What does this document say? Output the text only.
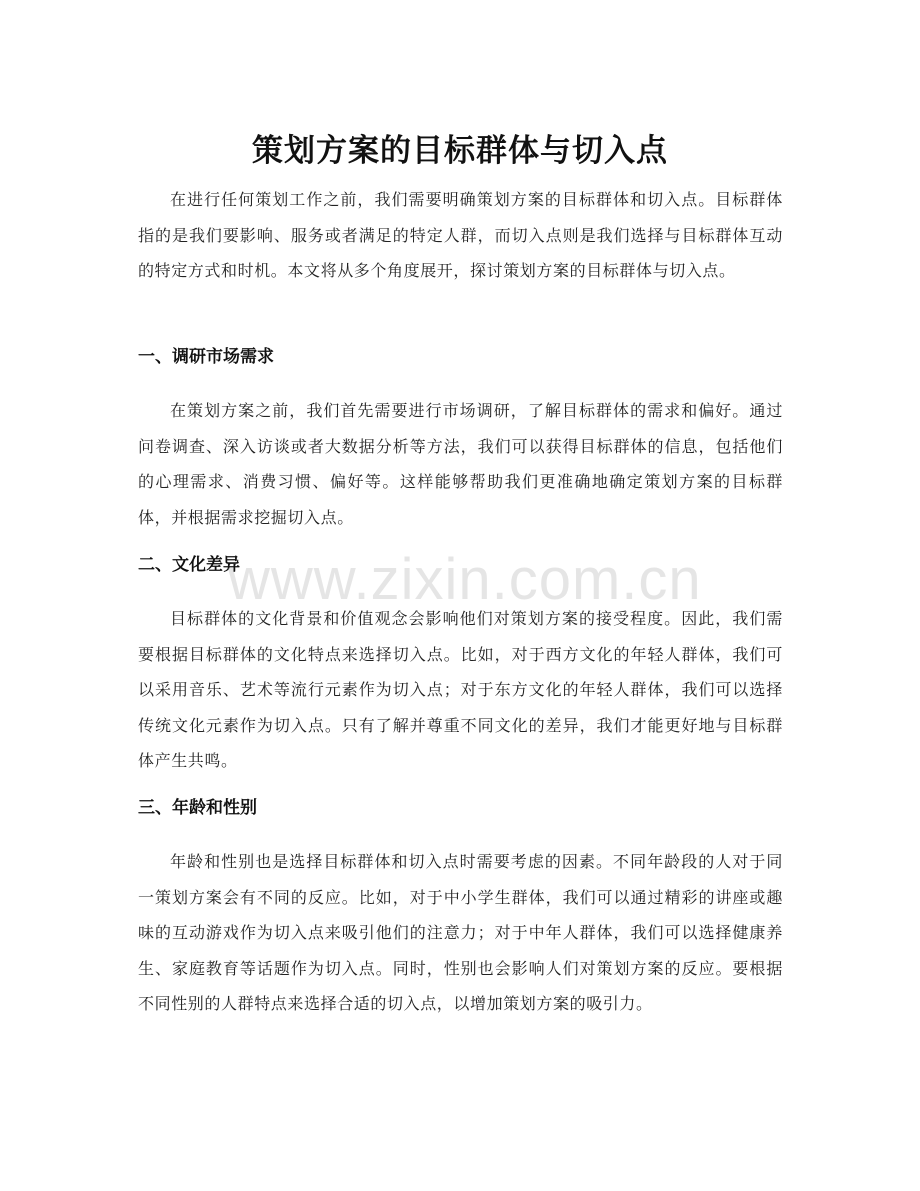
策划方案的目标群体与切入点

在进行任何策划工作之前，我们需要明确策划方案的目标群体和切入点。目标群体指的是我们要影响、服务或者满足的特定人群，而切入点则是我们选择与目标群体互动的特定方式和时机。本文将从多个角度展开，探讨策划方案的目标群体与切入点。

一、调研市场需求

在策划方案之前，我们首先需要进行市场调研，了解目标群体的需求和偏好。通过问卷调查、深入访谈或者大数据分析等方法，我们可以获得目标群体的信息，包括他们的心理需求、消费习惯、偏好等。这样能够帮助我们更准确地确定策划方案的目标群体，并根据需求挖掘切入点。

二、文化差异

目标群体的文化背景和价值观念会影响他们对策划方案的接受程度。因此，我们需要根据目标群体的文化特点来选择切入点。比如，对于西方文化的年轻人群体，我们可以采用音乐、艺术等流行元素作为切入点；对于东方文化的年轻人群体，我们可以选择传统文化元素作为切入点。只有了解并尊重不同文化的差异，我们才能更好地与目标群体产生共鸣。

三、年龄和性别

年龄和性别也是选择目标群体和切入点时需要考虑的因素。不同年龄段的人对于同一策划方案会有不同的反应。比如，对于中小学生群体，我们可以通过精彩的讲座或趣味的互动游戏作为切入点来吸引他们的注意力；对于中年人群体，我们可以选择健康养生、家庭教育等话题作为切入点。同时，性别也会影响人们对策划方案的反应。要根据不同性别的人群特点来选择合适的切入点，以增加策划方案的吸引力。

www.zixin.com.cn
